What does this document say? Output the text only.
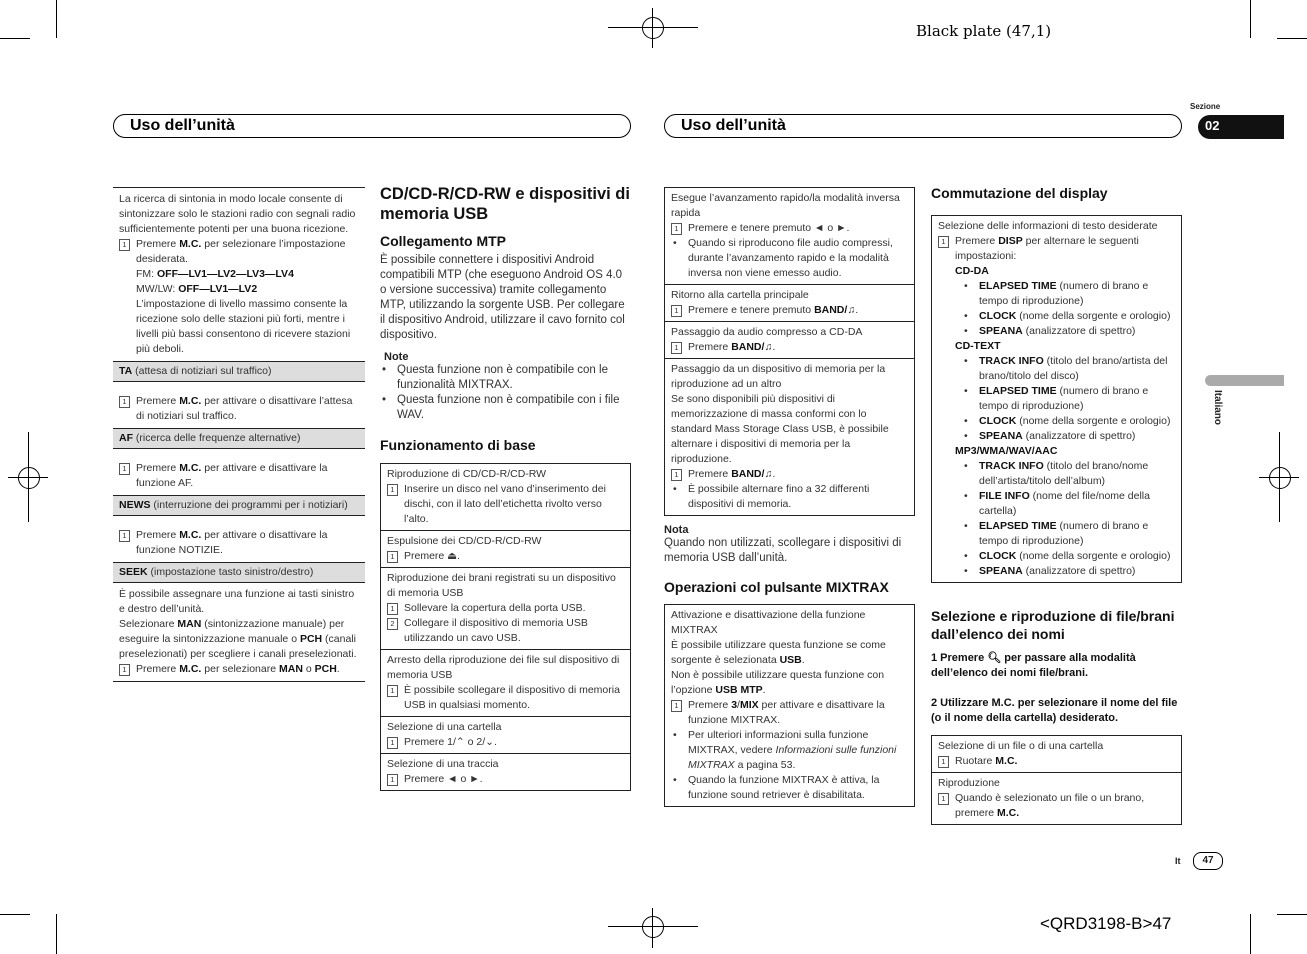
Black plate (47,1)
<QRD3198-B>47
Uso dell’unità	Uso dell’unità
Sezione
02
Italiano
It	47
La ricerca di sintonia in modo locale consente di sintonizzare solo le stazioni radio con segnali radio sufficientemente potenti per una buona ricezione.
1 Premere M.C. per selezionare l’impostazione desiderata.
FM: OFF—LV1—LV2—LV3—LV4
MW/LW: OFF—LV1—LV2
L’impostazione di livello massimo consente la ricezione solo delle stazioni più forti, mentre i livelli più bassi consentono di ricevere stazioni più deboli.
TA (attesa di notiziari sul traffico)
1 Premere M.C. per attivare o disattivare l’attesa di notiziari sul traffico.
AF (ricerca delle frequenze alternative)
1 Premere M.C. per attivare e disattivare la funzione AF.
NEWS (interruzione dei programmi per i notiziari)
1 Premere M.C. per attivare o disattivare la funzione NOTIZIE.
SEEK (impostazione tasto sinistro/destro)
È possibile assegnare una funzione ai tasti sinistro e destro dell’unità.
Selezionare MAN (sintonizzazione manuale) per eseguire la sintonizzazione manuale o PCH (canali preselezionati) per scegliere i canali preselezionati.
1 Premere M.C. per selezionare MAN o PCH.
CD/CD-R/CD-RW e dispositivi di memoria USB
Collegamento MTP
È possibile connettere i dispositivi Android compatibili MTP (che eseguono Android OS 4.0 o versione successiva) tramite collegamento MTP, utilizzando la sorgente USB. Per collegare il dispositivo Android, utilizzare il cavo fornito col dispositivo.
Note
• Questa funzione non è compatibile con le funzionalità MIXTRAX.
• Questa funzione non è compatibile con i file WAV.
Funzionamento di base
Riproduzione di CD/CD-R/CD-RW
1 Inserire un disco nel vano d’inserimento dei dischi, con il lato dell’etichetta rivolto verso l’alto.
Espulsione dei CD/CD-R/CD-RW
1 Premere ⏏.
Riproduzione dei brani registrati su un dispositivo di memoria USB
1 Sollevare la copertura della porta USB.
2 Collegare il dispositivo di memoria USB utilizzando un cavo USB.
Arresto della riproduzione dei file sul dispositivo di memoria USB
1 È possibile scollegare il dispositivo di memoria USB in qualsiasi momento.
Selezione di una cartella
1 Premere 1/⌃ o 2/⌄.
Selezione di una traccia
1 Premere ◄ o ►.
Esegue l’avanzamento rapido/la modalità inversa rapida
1 Premere e tenere premuto ◄ o ►.
• Quando si riproducono file audio compressi, durante l’avanzamento rapido e la modalità inversa non viene emesso audio.
Ritorno alla cartella principale
1 Premere e tenere premuto BAND/♫.
Passaggio da audio compresso a CD-DA
1 Premere BAND/♫.
Passaggio da un dispositivo di memoria per la riproduzione ad un altro
Se sono disponibili più dispositivi di memorizzazione di massa conformi con lo standard Mass Storage Class USB, è possibile alternare i dispositivi di memoria per la riproduzione.
1 Premere BAND/♫.
• È possibile alternare fino a 32 differenti dispositivi di memoria.
Nota
Quando non utilizzati, scollegare i dispositivi di memoria USB dall’unità.
Operazioni col pulsante MIXTRAX
Attivazione e disattivazione della funzione MIXTRAX
È possibile utilizzare questa funzione se come sorgente è selezionata USB.
Non è possibile utilizzare questa funzione con l’opzione USB MTP.
1 Premere 3/MIX per attivare e disattivare la funzione MIXTRAX.
• Per ulteriori informazioni sulla funzione MIXTRAX, vedere Informazioni sulle funzioni MIXTRAX a pagina 53.
• Quando la funzione MIXTRAX è attiva, la funzione sound retriever è disabilitata.
Commutazione del display
Selezione delle informazioni di testo desiderate
1 Premere DISP per alternare le seguenti impostazioni:
CD-DA
• ELAPSED TIME (numero di brano e tempo di riproduzione)
• CLOCK (nome della sorgente e orologio)
• SPEANA (analizzatore di spettro)
CD-TEXT
• TRACK INFO (titolo del brano/artista del brano/titolo del disco)
• ELAPSED TIME (numero di brano e tempo di riproduzione)
• CLOCK (nome della sorgente e orologio)
• SPEANA (analizzatore di spettro)
MP3/WMA/WAV/AAC
• TRACK INFO (titolo del brano/nome dell’artista/titolo dell’album)
• FILE INFO (nome del file/nome della cartella)
• ELAPSED TIME (numero di brano e tempo di riproduzione)
• CLOCK (nome della sorgente e orologio)
• SPEANA (analizzatore di spettro)
Selezione e riproduzione di file/brani dall’elenco dei nomi
1 Premere 🔍︎ per passare alla modalità dell’elenco dei nomi file/brani.
2 Utilizzare M.C. per selezionare il nome del file (o il nome della cartella) desiderato.
Selezione di un file o di una cartella
1 Ruotare M.C.
Riproduzione
1 Quando è selezionato un file o un brano, premere M.C.
